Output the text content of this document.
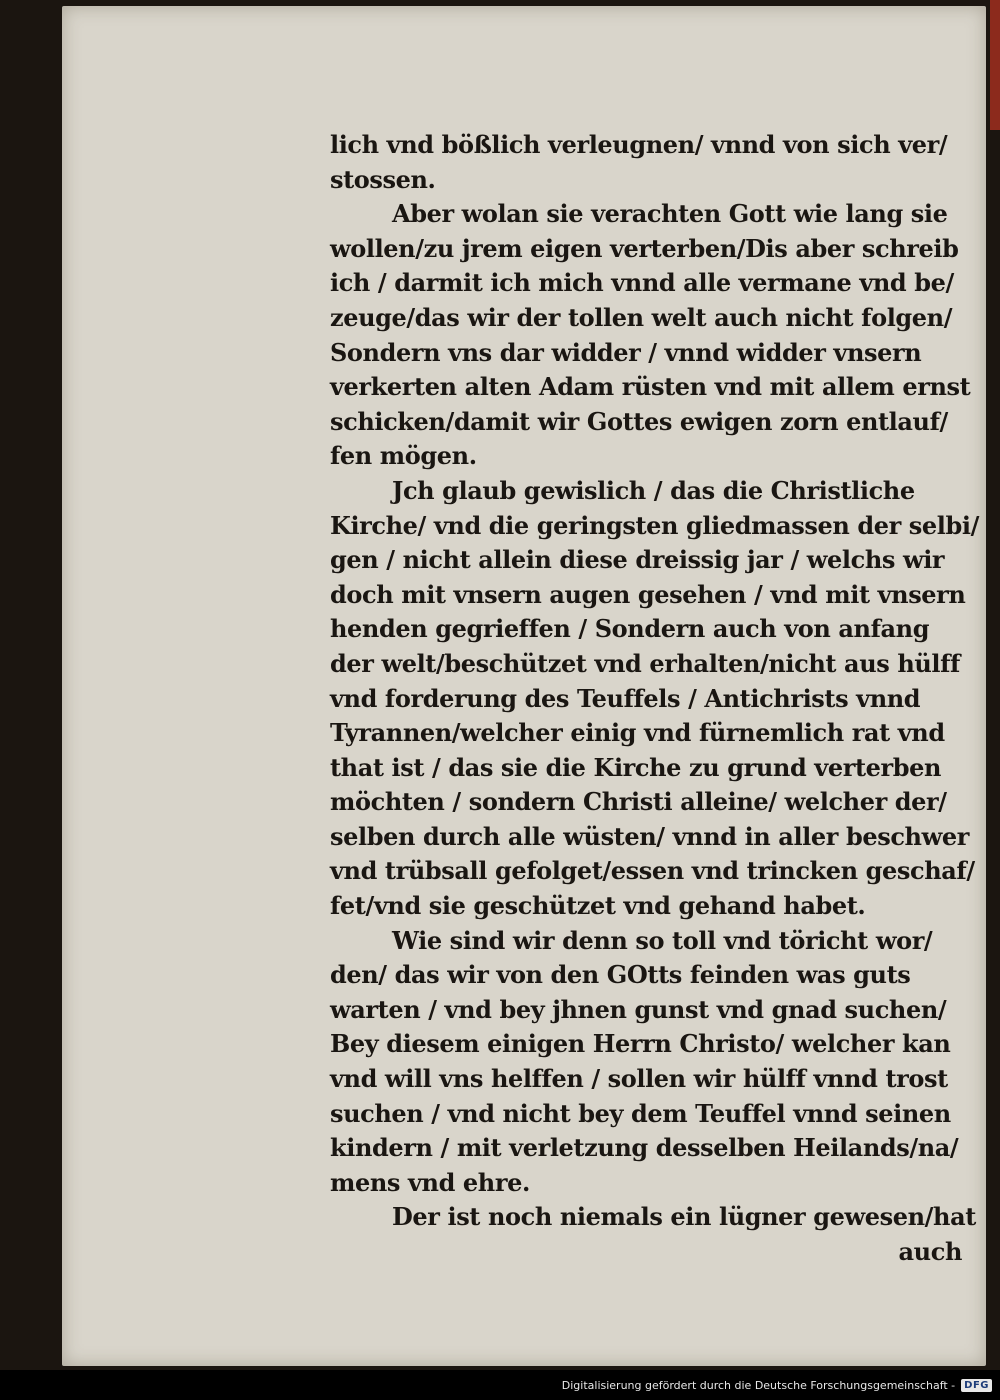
lich vnd bößlich verleugnen/ vnnd von sich ver/
stossen.
Aber wolan sie verachten Gott wie lang sie
wollen/zu jrem eigen verterben/Dis aber schreib
ich / darmit ich mich vnnd alle vermane vnd be/
zeuge/das wir der tollen welt auch nicht folgen/
Sondern vns dar widder / vnnd widder vnsern
verkerten alten Adam rüsten vnd mit allem ernst
schicken/damit wir Gottes ewigen zorn entlauf/
fen mögen.
Jch glaub gewislich / das die Christliche
Kirche/ vnd die geringsten gliedmassen der selbi/
gen / nicht allein diese dreissig jar / welchs wir
doch mit vnsern augen gesehen / vnd mit vnsern
henden gegrieffen / Sondern auch von anfang
der welt/beschützet vnd erhalten/nicht aus hülff
vnd forderung des Teuffels / Antichrists vnnd
Tyrannen/welcher einig vnd fürnemlich rat vnd
that ist / das sie die Kirche zu grund verterben
möchten / sondern Christi alleine/ welcher der/
selben durch alle wüsten/ vnnd in aller beschwer
vnd trübsall gefolget/essen vnd trincken geschaf/
fet/vnd sie geschützet vnd gehand habet.
Wie sind wir denn so toll vnd töricht wor/
den/ das wir von den GOtts feinden was guts
warten / vnd bey jhnen gunst vnd gnad suchen/
Bey diesem einigen Herrn Christo/ welcher kan
vnd will vns helffen / sollen wir hülff vnnd trost
suchen / vnd nicht bey dem Teuffel vnnd seinen
kindern / mit verletzung desselben Heilands/na/
mens vnd ehre.
Der ist noch niemals ein lügner gewesen/hat
auch
Digitalisierung gefördert durch die Deutsche Forschungsgemeinschaft - DFG
